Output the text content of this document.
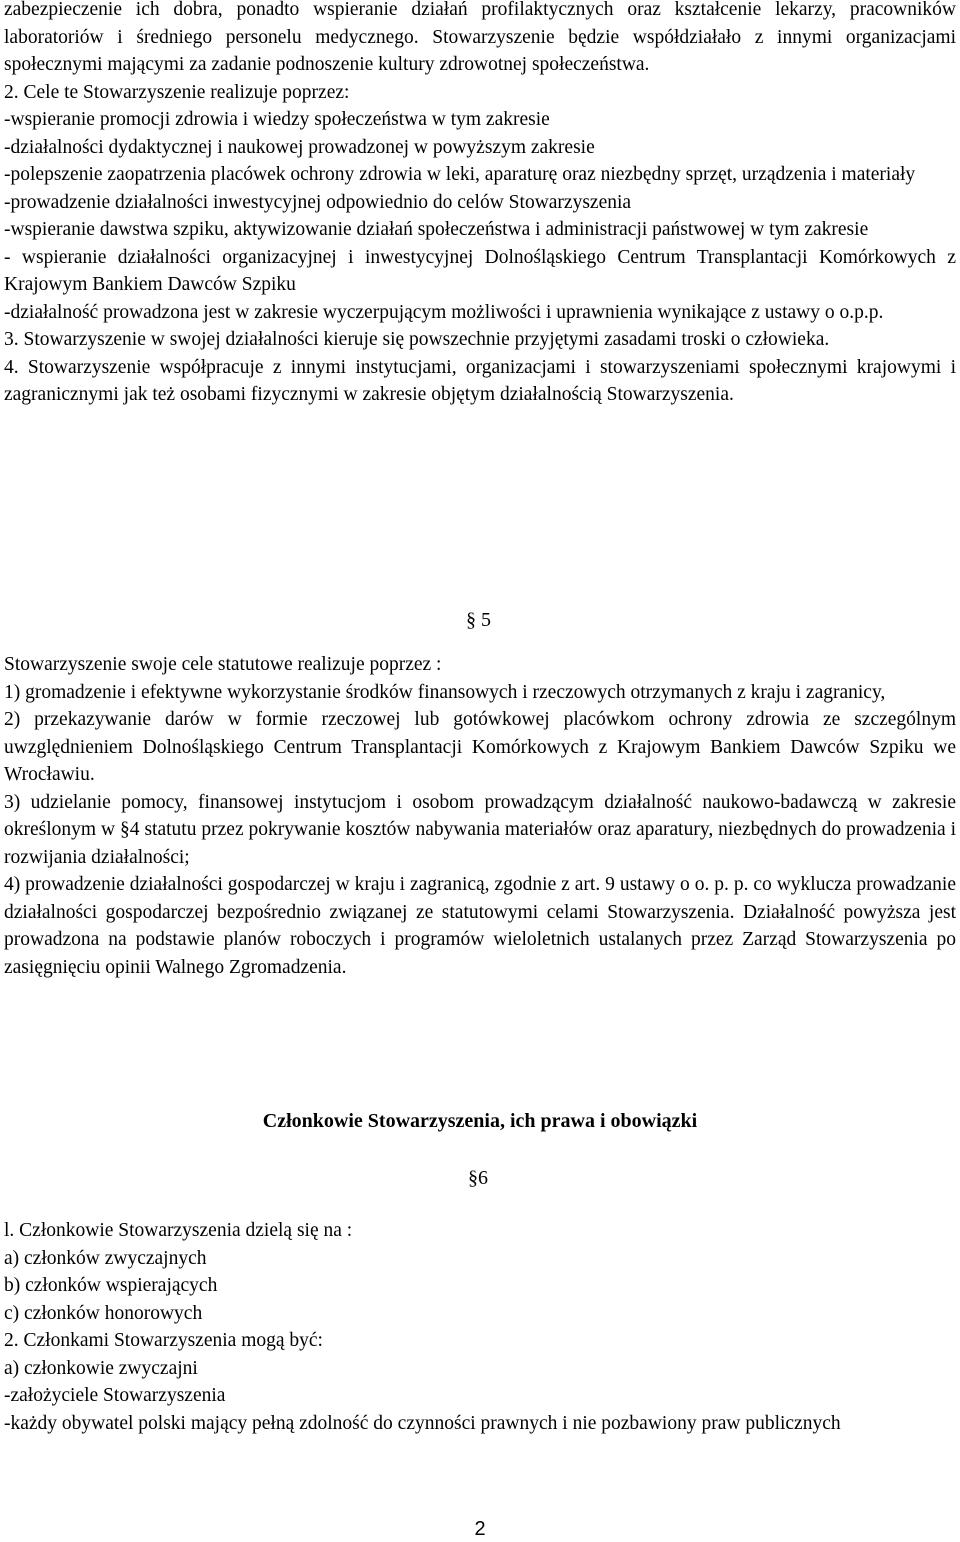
zabezpieczenie ich dobra, ponadto wspieranie działań profilaktycznych oraz kształcenie lekarzy, pracowników laboratoriów i średniego personelu medycznego. Stowarzyszenie będzie współdziałało z innymi organizacjami społecznymi mającymi za zadanie podnoszenie kultury zdrowotnej społeczeństwa.

2. Cele te Stowarzyszenie realizuje poprzez:

-wspieranie promocji zdrowia i wiedzy społeczeństwa w tym zakresie

-działalności dydaktycznej i naukowej prowadzonej w powyższym zakresie

-polepszenie zaopatrzenia placówek ochrony zdrowia w leki, aparaturę oraz niezbędny sprzęt, urządzenia i materiały

-prowadzenie działalności inwestycyjnej odpowiednio do celów Stowarzyszenia

-wspieranie dawstwa szpiku, aktywizowanie działań społeczeństwa i administracji państwowej w tym zakresie

- wspieranie działalności organizacyjnej i inwestycyjnej Dolnośląskiego Centrum Transplantacji Komórkowych z Krajowym Bankiem Dawców Szpiku

-działalność prowadzona jest w zakresie wyczerpującym możliwości i uprawnienia wynikające z ustawy o o.p.p.

3. Stowarzyszenie w swojej działalności kieruje się powszechnie przyjętymi zasadami troski o człowieka.

4. Stowarzyszenie współpracuje z innymi instytucjami, organizacjami i stowarzyszeniami społecznymi krajowymi i zagranicznymi jak też osobami fizycznymi w zakresie objętym działalnością Stowarzyszenia.

§ 5

Stowarzyszenie swoje cele statutowe realizuje poprzez :

1) gromadzenie i efektywne wykorzystanie środków finansowych i rzeczowych otrzymanych z kraju i zagranicy,

2) przekazywanie darów w formie rzeczowej lub gotówkowej placówkom ochrony zdrowia ze szczególnym uwzględnieniem Dolnośląskiego Centrum Transplantacji Komórkowych z Krajowym Bankiem Dawców Szpiku we Wrocławiu.

3) udzielanie pomocy, finansowej instytucjom i osobom prowadzącym działalność naukowo-badawczą w zakresie określonym w §4 statutu przez pokrywanie kosztów nabywania materiałów oraz aparatury, niezbędnych do prowadzenia i rozwijania działalności;

4) prowadzenie działalności gospodarczej w kraju i zagranicą, zgodnie z art. 9 ustawy o o. p. p. co wyklucza prowadzanie działalności gospodarczej bezpośrednio związanej ze statutowymi celami Stowarzyszenia. Działalność powyższa jest prowadzona na podstawie planów roboczych i programów wieloletnich ustalanych przez Zarząd Stowarzyszenia po zasięgnięciu opinii Walnego Zgromadzenia.

Członkowie Stowarzyszenia, ich prawa i obowiązki
§6

l. Członkowie Stowarzyszenia dzielą się na :

a) członków zwyczajnych

b) członków wspierających

c) członków honorowych

2. Członkami Stowarzyszenia mogą być:

a) członkowie zwyczajni

-założyciele Stowarzyszenia

-każdy obywatel polski mający pełną zdolność do czynności prawnych i nie pozbawiony praw publicznych

2
